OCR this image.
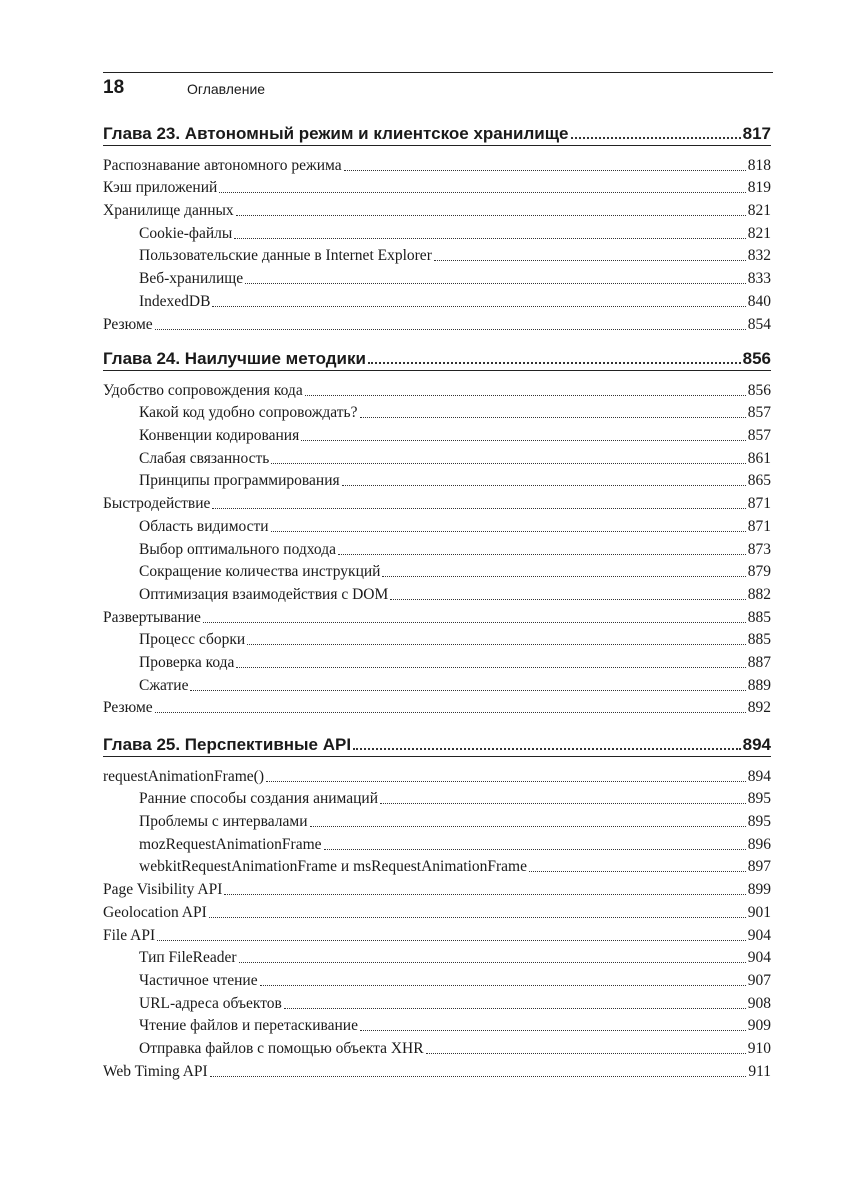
18	Оглавление
Глава 23. Автономный режим и клиентское хранилище	817
Распознавание автономного режима	818
Кэш приложений	819
Хранилище данных	821
Cookie-файлы	821
Пользовательские данные в Internet Explorer	832
Веб-хранилище	833
IndexedDB	840
Резюме	854
Глава 24. Наилучшие методики	856
Удобство сопровождения кода	856
Какой код удобно сопровождать?	857
Конвенции кодирования	857
Слабая связанность	861
Принципы программирования	865
Быстродействие	871
Область видимости	871
Выбор оптимального подхода	873
Сокращение количества инструкций	879
Оптимизация взаимодействия с DOM	882
Развертывание	885
Процесс сборки	885
Проверка кода	887
Сжатие	889
Резюме	892
Глава 25. Перспективные API	894
requestAnimationFrame()	894
Ранние способы создания анимаций	895
Проблемы с интервалами	895
mozRequestAnimationFrame	896
webkitRequestAnimationFrame и msRequestAnimationFrame	897
Page Visibility API	899
Geolocation API	901
File API	904
Тип FileReader	904
Частичное чтение	907
URL-адреса объектов	908
Чтение файлов и перетаскивание	909
Отправка файлов с помощью объекта XHR	910
Web Timing API	911
